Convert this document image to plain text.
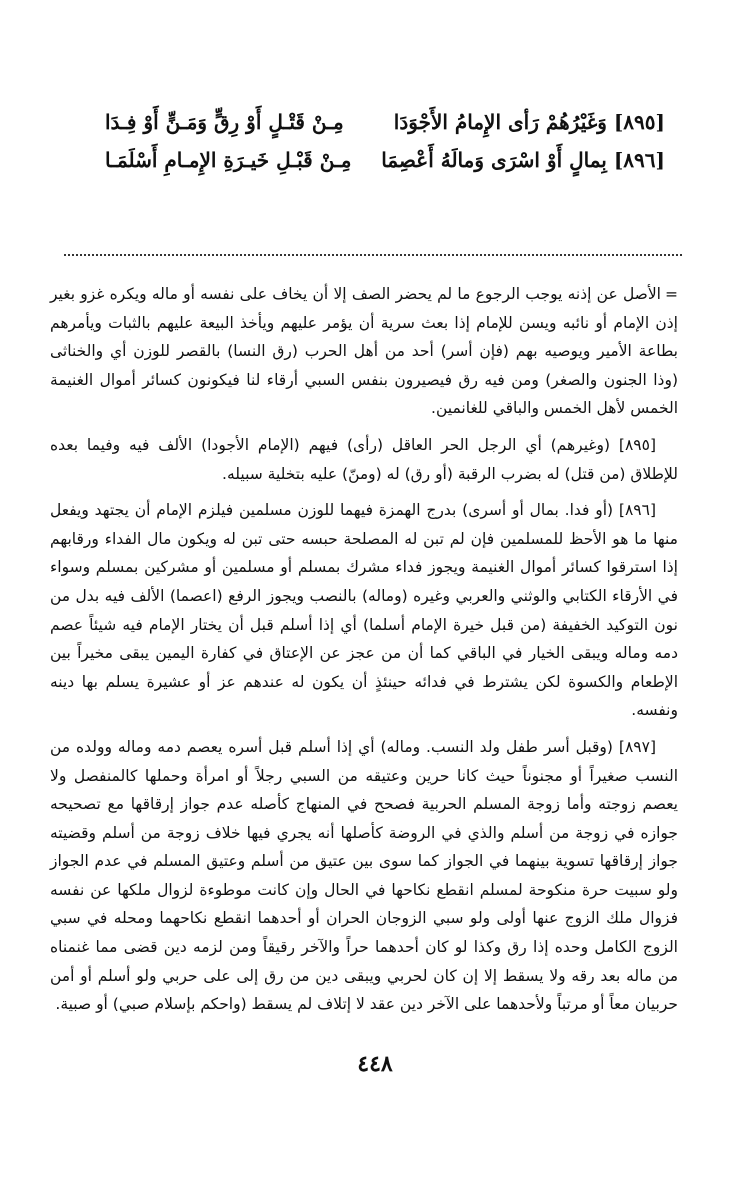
[٨٩٥] وَغَيْرُهُمْ رَأى الإِمامُ الأَجْوَدَا
مِـنْ قَتْـلٍ أَوْ رِقٍّ وَمَـنٍّ أَوْ فِـدَا
[٨٩٦] بِمالٍ أَوْ اسْرَى وَمالَهُ أَعْصِمَا
مِـنْ قَبْـلِ خَيـرَةِ الإِمـامِ أَسْلَمَـا

=الأصل عن إذنه يوجب الرجوع ما لم يحضر الصف إلا أن يخاف على نفسه أو ماله ويكره غزو بغير إذن الإمام أو نائبه ويسن للإمام إذا بعث سرية أن يؤمر عليهم ويأخذ البيعة عليهم بالثبات ويأمرهم بطاعة الأمير ويوصيه بهم (فإن أسر) أحد من أهل الحرب (رق النسا) بالقصر للوزن أي والخناثى (وذا الجنون والصغر) ومن فيه رق فيصيرون بنفس السبي أرقاء لنا فيكونون كسائر أموال الغنيمة الخمس لأهل الخمس والباقي للغانمين.

[٨٩٥] (وغيرهم) أي الرجل الحر العاقل (رأى) فيهم (الإمام الأجودا) الألف فيه وفيما بعده للإطلاق (من قتل) له بضرب الرقبة (أو رق) له (ومنّ) عليه بتخلية سبيله.

[٨٩٦] (أو فدا. بمال أو أسرى) بدرج الهمزة فيهما للوزن مسلمين فيلزم الإمام أن يجتهد ويفعل منها ما هو الأحظ للمسلمين فإن لم تبن له المصلحة حبسه حتى تبن له ويكون مال الفداء ورقابهم إذا استرقوا كسائر أموال الغنيمة ويجوز فداء مشرك بمسلم أو مسلمين أو مشركين بمسلم وسواء في الأرقاء الكتابي والوثني والعربي وغيره (وماله) بالنصب ويجوز الرفع (اعصما) الألف فيه بدل من نون التوكيد الخفيفة (من قبل خيرة الإمام أسلما) أي إذا أسلم قبل أن يختار الإمام فيه شيئاً عصم دمه وماله ويبقى الخيار في الباقي كما أن من عجز عن الإعتاق في كفارة اليمين يبقى مخيراً بين الإطعام والكسوة لكن يشترط في فدائه حينئذٍ أن يكون له عندهم عز أو عشيرة يسلم بها دينه ونفسه.

[٨٩٧] (وقبل أسر طفل ولد النسب. وماله) أي إذا أسلم قبل أسره يعصم دمه وماله وولده من النسب صغيراً أو مجنوناً حيث كانا حرين وعتيقه من السبي رجلاً أو امرأة وحملها كالمنفصل ولا يعصم زوجته وأما زوجة المسلم الحربية فصحح في المنهاج كأصله عدم جواز إرقاقها مع تصحيحه جوازه في زوجة من أسلم والذي في الروضة كأصلها أنه يجري فيها خلاف زوجة من أسلم وقضيته جواز إرقاقها تسوية بينهما في الجواز كما سوى بين عتيق من أسلم وعتيق المسلم في عدم الجواز ولو سبيت حرة منكوحة لمسلم انقطع نكاحها في الحال وإن كانت موطوءة لزوال ملكها عن نفسه فزوال ملك الزوج عنها أولى ولو سبي الزوجان الحران أو أحدهما انقطع نكاحهما ومحله في سبي الزوج الكامل وحده إذا رق وكذا لو كان أحدهما حراً والآخر رقيقاً ومن لزمه دين قضى مما غنمناه من ماله بعد رقه ولا يسقط إلا إن كان لحربي ويبقى دين من رق إلى على حربي ولو أسلم أو أمن حربيان معاً أو مرتباً ولأحدهما على الآخر دين عقد لا إتلاف لم يسقط (واحكم بإسلام صبي) أو صبية.

٤٤٨
